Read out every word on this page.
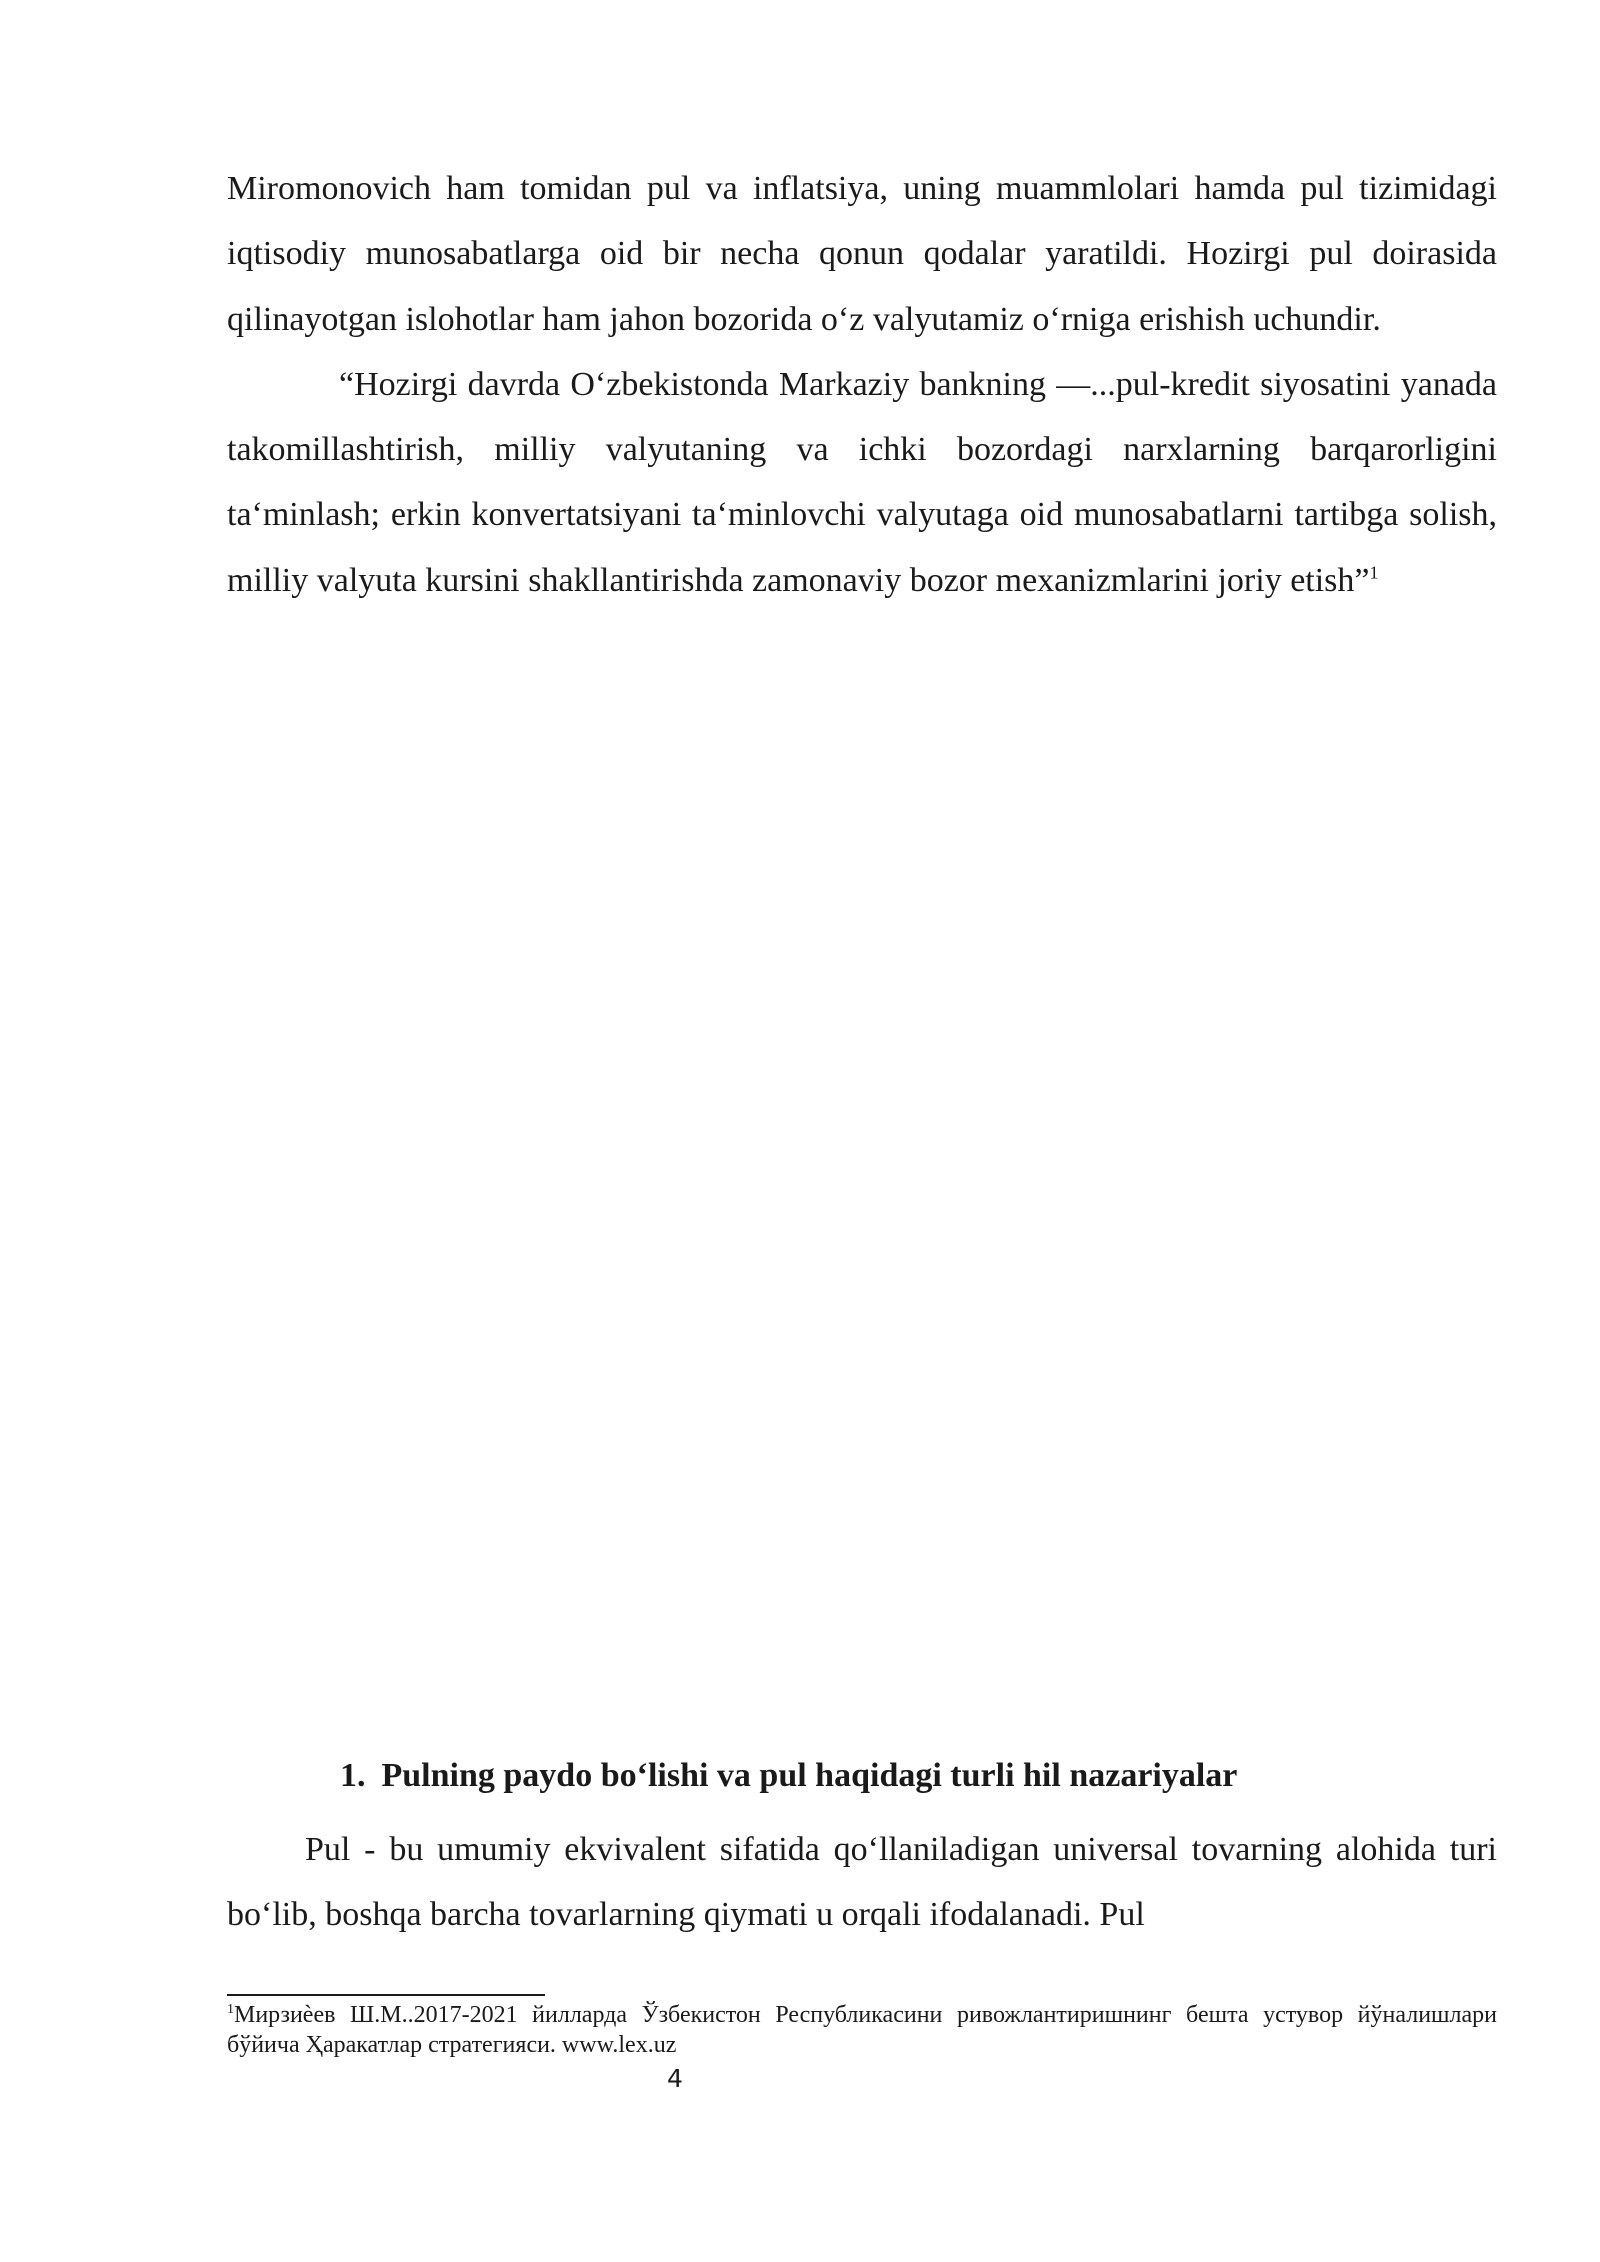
Miromonovich ham tomidan pul va inflatsiya, uning muammlolari hamda pul tizimidagi iqtisodiy munosabatlarga oid bir necha qonun qodalar yaratildi. Hozirgi pul doirasida qilinayotgan islohotlar ham jahon bozorida o‘z valyutamiz o‘rniga erishish uchundir.

“Hozirgi davrda O‘zbekistonda Markaziy bankning ―...pul-kredit siyosatini yanada takomillashtirish, milliy valyutaning va ichki bozordagi narxlarning barqarorligini ta‘minlash; erkin konvertatsiyani ta‘minlovchi valyutaga oid munosabatlarni tartibga solish, milliy valyuta kursini shakllantirishda zamonaviy bozor mexanizmlarini joriy etish”$^1$

1. Pulning paydo bo‘lishi va pul haqidagi turli hil nazariyalar

Pul - bu umumiy ekvivalent sifatida qo‘llaniladigan universal tovarning alohida turi bo‘lib, boshqa barcha tovarlarning qiymati u orqali ifodalanadi. Pul

$^1$Мирзиѐев Ш.М..2017-2021 йилларда Ўзбекистон Республикасини ривожлантиришнинг бешта устувор йўналишлари бўйича Ҳаракатлар стратегияси. www.lex.uz
4
